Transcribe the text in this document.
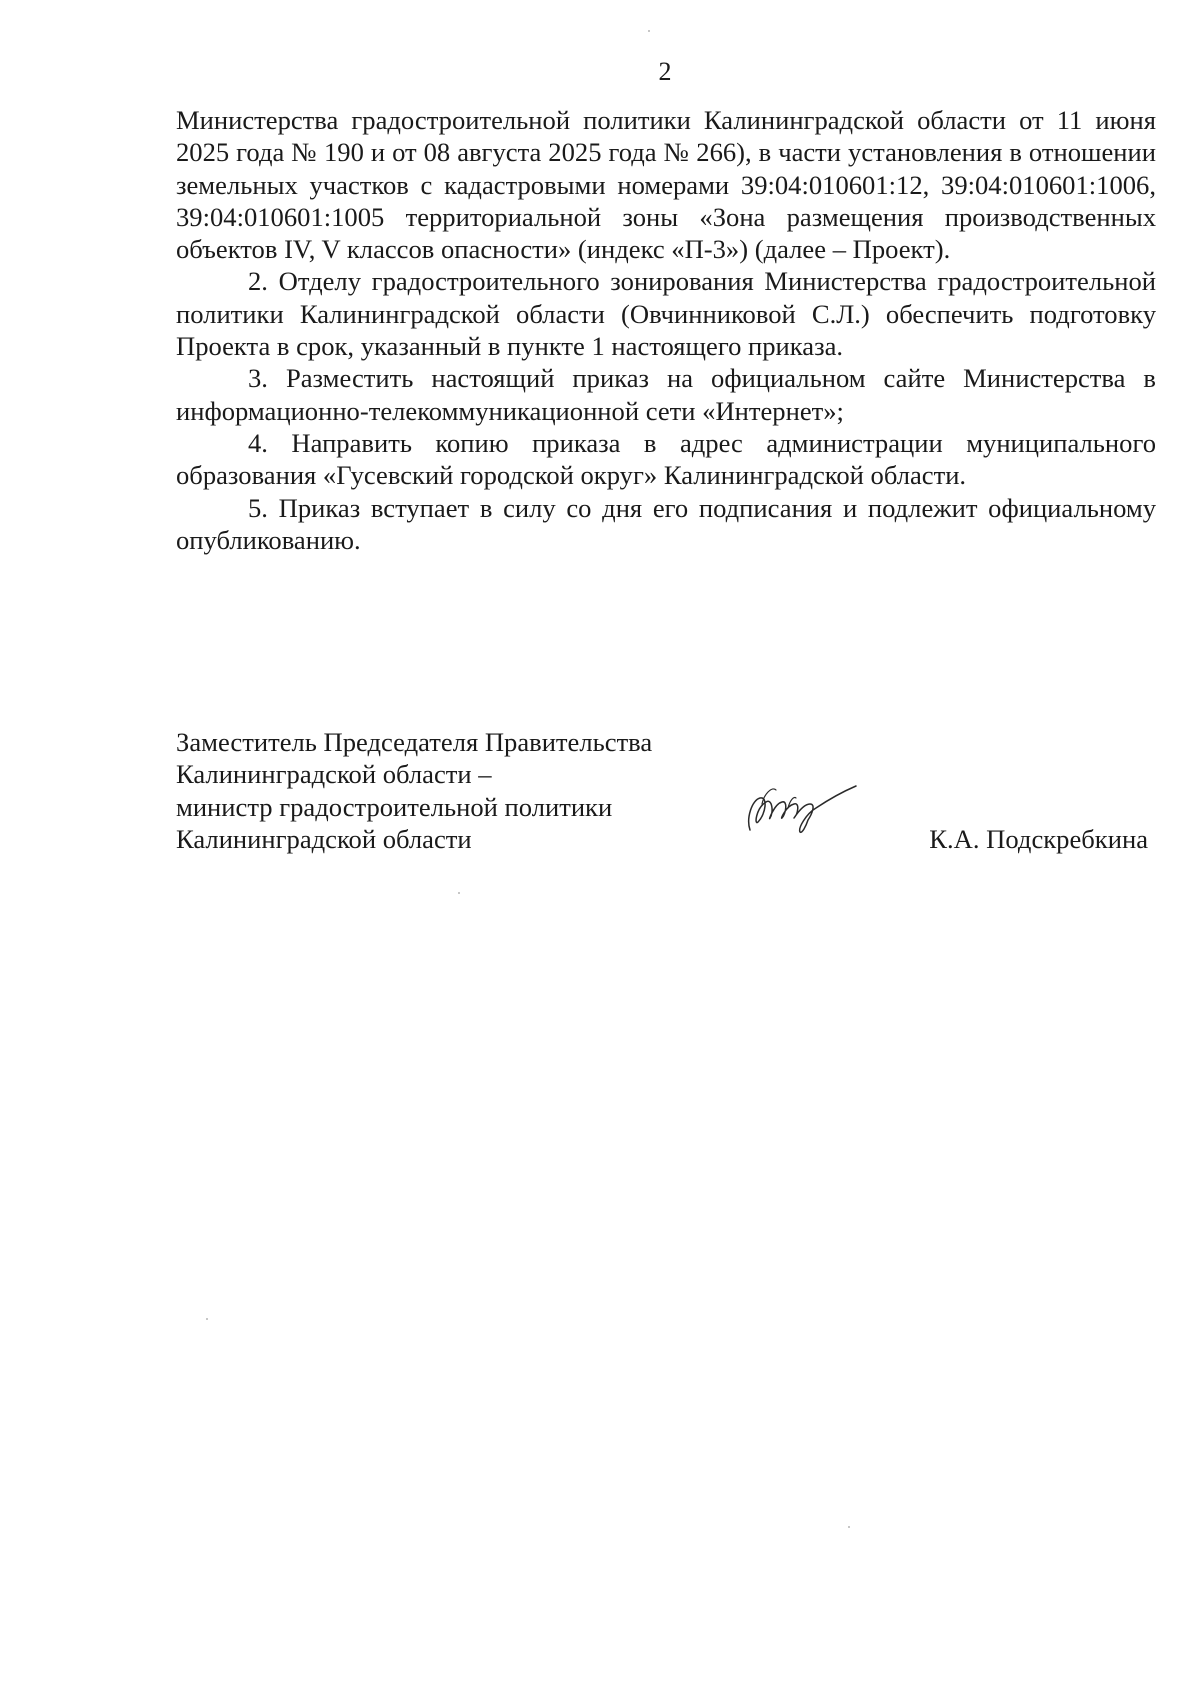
2

Министерства градостроительной политики Калининградской области от 11 июня 2025 года № 190 и от 08 августа 2025 года № 266), в части установления в отношении земельных участков с кадастровыми номерами 39:04:010601:12, 39:04:010601:1006, 39:04:010601:1005 территориальной зоны «Зона размещения производственных объектов IV, V классов опасности» (индекс «П-3») (далее – Проект).

2. Отделу градостроительного зонирования Министерства градостроительной политики Калининградской области (Овчинниковой С.Л.) обеспечить подготовку Проекта в срок, указанный в пункте 1 настоящего приказа.

3. Разместить настоящий приказ на официальном сайте Министерства в информационно-телекоммуникационной сети «Интернет»;

4. Направить копию приказа в адрес администрации муниципального образования «Гусевский городской округ» Калининградской области.

5. Приказ вступает в силу со дня его подписания и подлежит официальному опубликованию.

Заместитель Председателя Правительства
Калининградской области –
министр градостроительной политики
Калининградской области	К.А. Подскребкина
